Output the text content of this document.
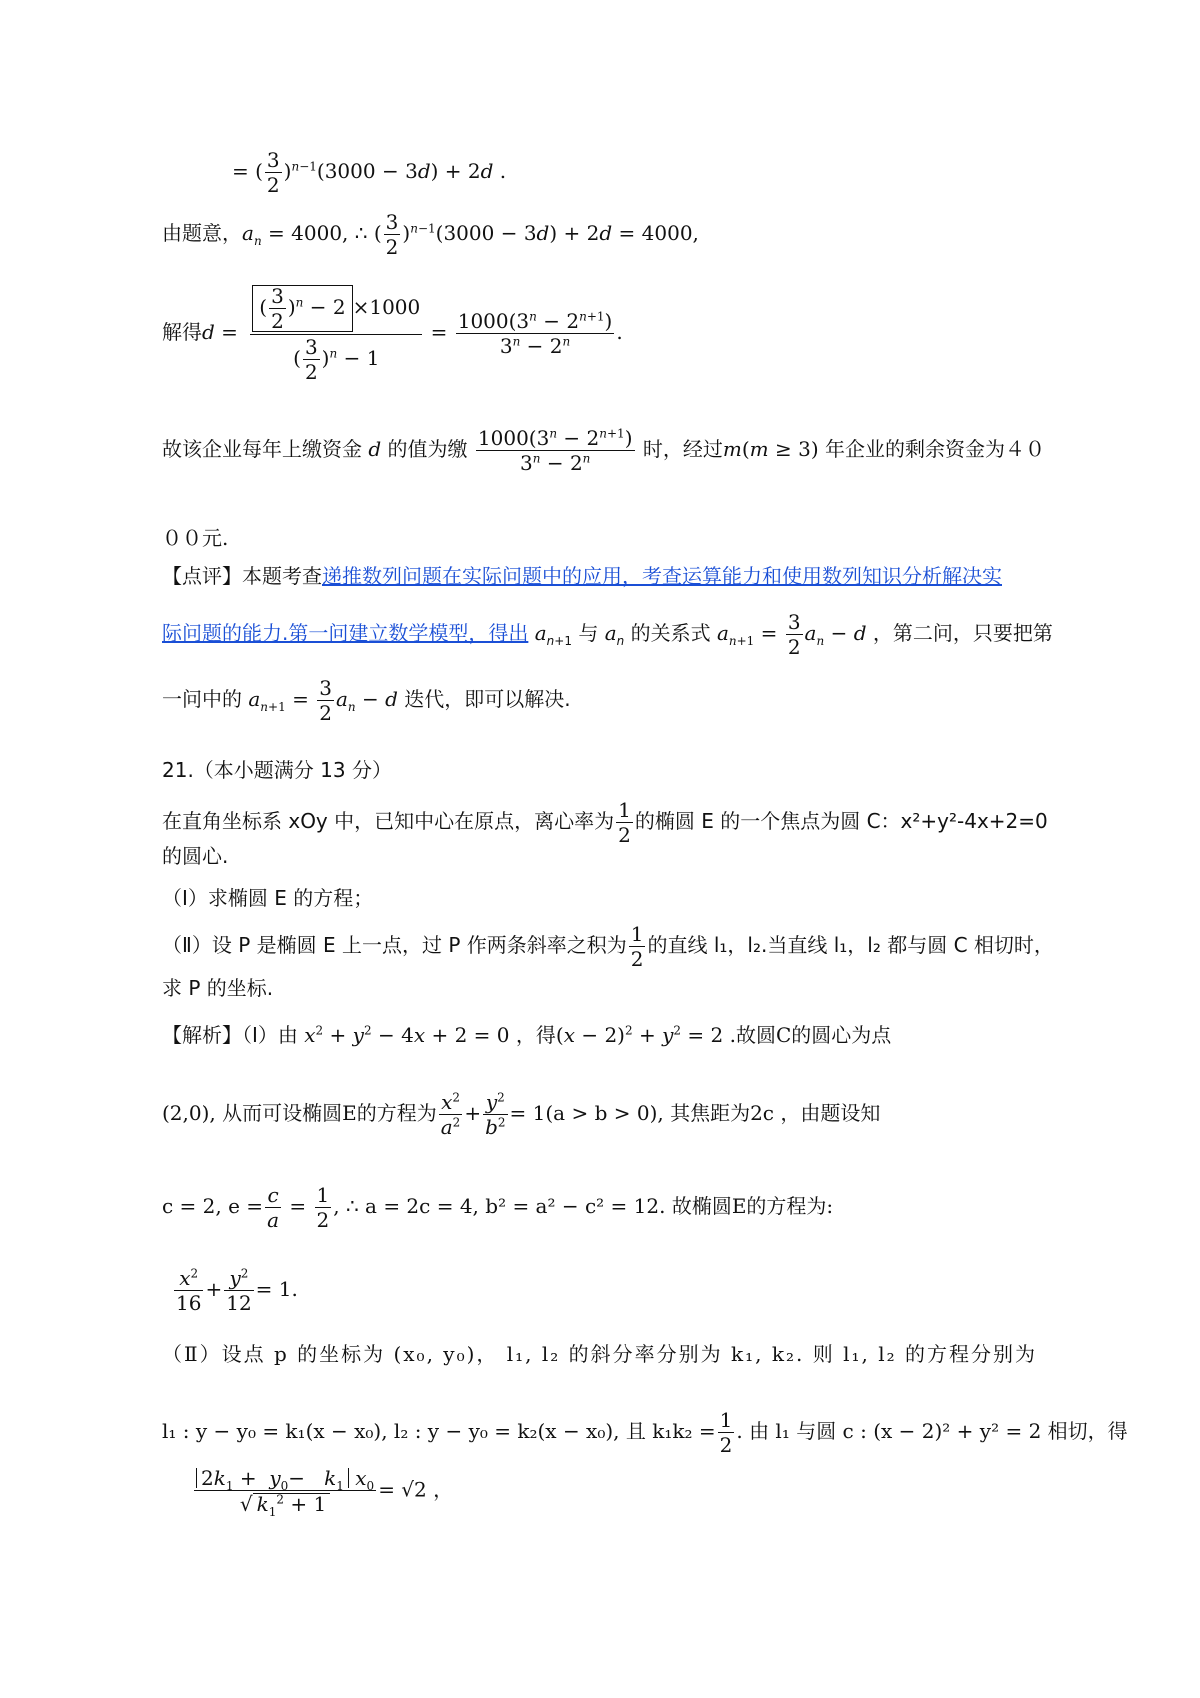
= ( $\frac{3}{2} )^{n-1}(3000 - 3d) + 2d$ .
由题意，$a_n = 4000$, ∴ ( $\frac{3}{2} )^{n-1}(3000 - 3d) + 2d = 4000$,
解得$d = \frac{( \frac{3}{2} )^n - 2 \times 1000}{( \frac{3}{2} )^n - 1} = \frac{1000(3^n - 2^{n+1})}{3^n - 2^n}$ .
故该企业每年上缴资金 d 的值为缴 $\frac{1000(3^n - 2^{n+1})}{3^n - 2^n}$ 时，经过m(m ≥ 3) 年企业的剩余资金为４０
００元.
【点评】本题考查递推数列问题在实际问题中的应用，考查运算能力和使用数列知识分析解决实
际问题的能力.第一问建立数学模型，得出 $a_{n+1}$ 与 $a_n$ 的关系式 $a_{n+1} = \frac{3}{2} a_n - d$ ，第二问，只要把第
一问中的 $a_{n+1} = \frac{3}{2} a_n - d$ 迭代，即可以解决.
21.（本小题满分 13 分）
在直角坐标系 xOy 中，已知中心在原点，离心率为 $\frac{1}{2}$ 的椭圆 E 的一个焦点为圆 C：x²+y²-4x+2=0
的圆心.
（Ⅰ）求椭圆 E 的方程；
（Ⅱ）设 P 是椭圆 E 上一点，过 P 作两条斜率之积为 $\frac{1}{2}$ 的直线 l₁，l₂.当直线 l₁，l₂ 都与圆 C 相切时，
求 P 的坐标.
【解析】（Ⅰ）由 $x^2 + y^2 - 4x + 2 = 0$ ，得$(x - 2)^2 + y^2 = 2$ .故圆C的圆心为点
(2,0), 从而可设椭圆E的方程为 $\frac{x^2}{a^2} + \frac{y^2}{b^2} = 1(a > b > 0)$, 其焦距为2c ，由题设知
c = 2, $e = \frac{c}{a} = \frac{1}{2}$ , ∴ a = 2c = 4, b² = a² − c² = 12. 故椭圆E的方程为:
$\frac{x^2}{16} + \frac{y^2}{12} = 1$.
（Ⅱ）设点 p 的坐标为 (x₀, y₀)， l₁, l₂ 的斜分率分别为 k₁, k₂. 则 l₁, l₂ 的方程分别为
l₁ : y − y₀ = k₁(x − x₀), l₂ : y − y₀ = k₂(x − x₀), 且 $k_1k_2 = \frac{1}{2}$ . 由 l₁ 与圆 c : (x − 2)² + y² = 2 相切，得
$\frac{2k_1 + y_0- k_1 x_0}{√ k_1^2 + 1} = √2$ ，
